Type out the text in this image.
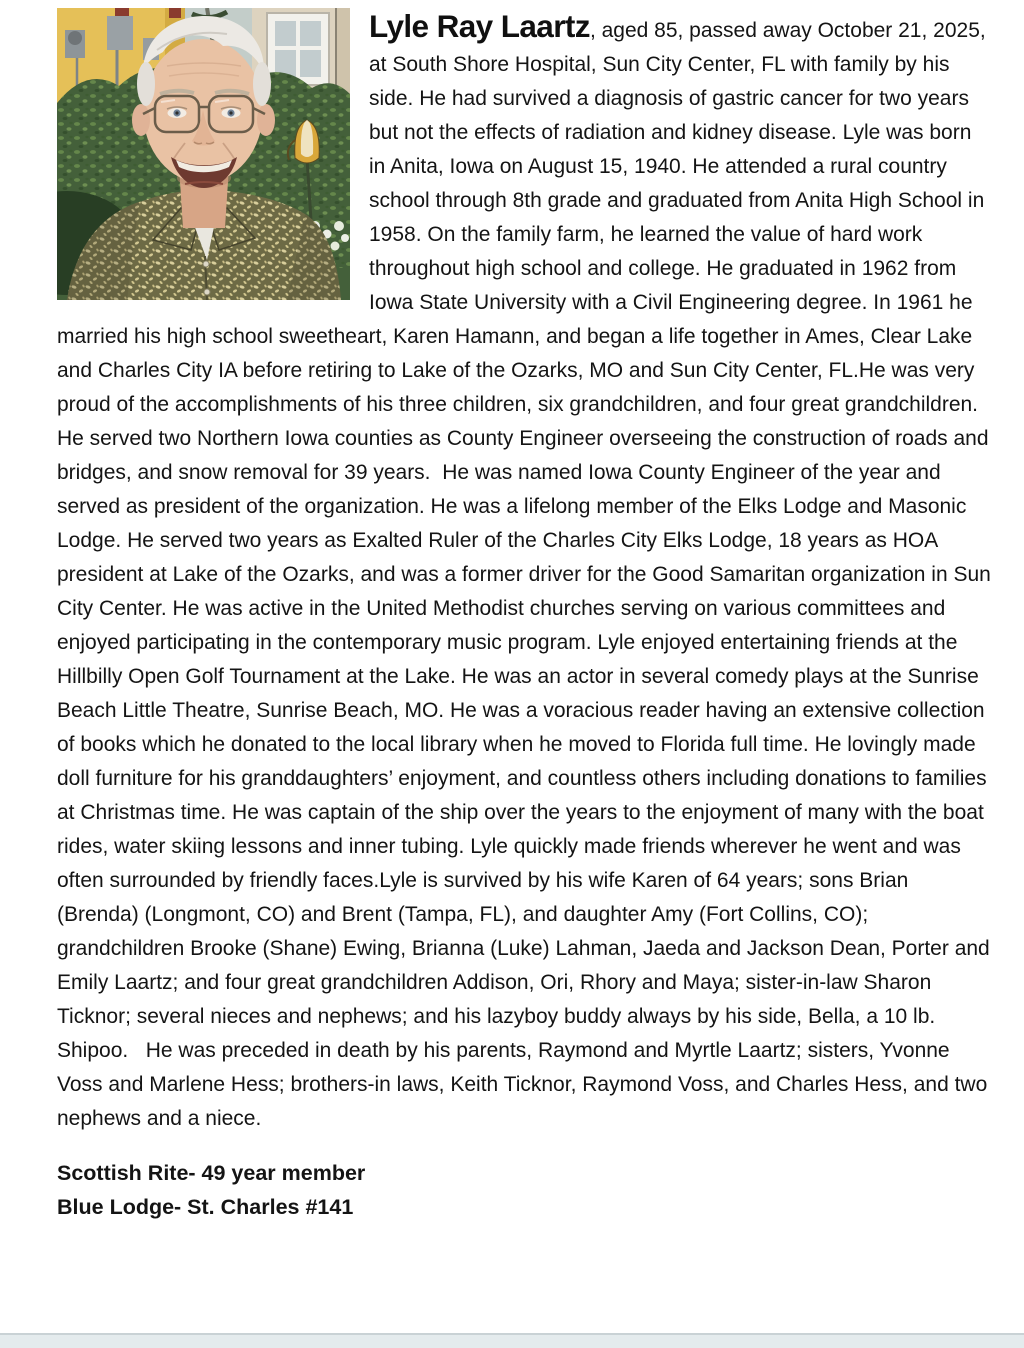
Lyle Ray Laartz, aged 85, passed away October 21, 2025, at South Shore Hospital, Sun City Center, FL with family by his side. He had survived a diagnosis of gastric cancer for two years but not the effects of radiation and kidney disease. Lyle was born in Anita, Iowa on August 15, 1940. He attended a rural country school through 8th grade and graduated from Anita High School in 1958. On the family farm, he learned the value of hard work throughout high school and college. He graduated in 1962 from Iowa State University with a Civil Engineering degree. In 1961 he married his high school sweetheart, Karen Hamann, and began a life together in Ames, Clear Lake and Charles City IA before retiring to Lake of the Ozarks, MO and Sun City Center, FL.He was very proud of the accomplishments of his three children, six grandchildren, and four great grandchildren. He served two Northern Iowa counties as County Engineer overseeing the construction of roads and bridges, and snow removal for 39 years.  He was named Iowa County Engineer of the year and served as president of the organization. He was a lifelong member of the Elks Lodge and Masonic Lodge. He served two years as Exalted Ruler of the Charles City Elks Lodge, 18 years as HOA president at Lake of the Ozarks, and was a former driver for the Good Samaritan organization in Sun City Center. He was active in the United Methodist churches serving on various committees and enjoyed participating in the contemporary music program. Lyle enjoyed entertaining friends at the Hillbilly Open Golf Tournament at the Lake. He was an actor in several comedy plays at the Sunrise Beach Little Theatre, Sunrise Beach, MO. He was a voracious reader having an extensive collection of books which he donated to the local library when he moved to Florida full time. He lovingly made doll furniture for his granddaughters’ enjoyment, and countless others including donations to families at Christmas time. He was captain of the ship over the years to the enjoyment of many with the boat rides, water skiing lessons and inner tubing. Lyle quickly made friends wherever he went and was often surrounded by friendly faces.Lyle is survived by his wife Karen of 64 years; sons Brian (Brenda) (Longmont, CO) and Brent (Tampa, FL), and daughter Amy (Fort Collins, CO); grandchildren Brooke (Shane) Ewing, Brianna (Luke) Lahman, Jaeda and Jackson Dean, Porter and Emily Laartz; and four great grandchildren Addison, Ori, Rhory and Maya; sister-in-law Sharon Ticknor; several nieces and nephews; and his lazyboy buddy always by his side, Bella, a 10 lb. Shipoo.   He was preceded in death by his parents, Raymond and Myrtle Laartz; sisters, Yvonne Voss and Marlene Hess; brothers-in laws, Keith Ticknor, Raymond Voss, and Charles Hess, and two nephews and a niece.

Scottish Rite- 49 year member
Blue Lodge- St. Charles #141
